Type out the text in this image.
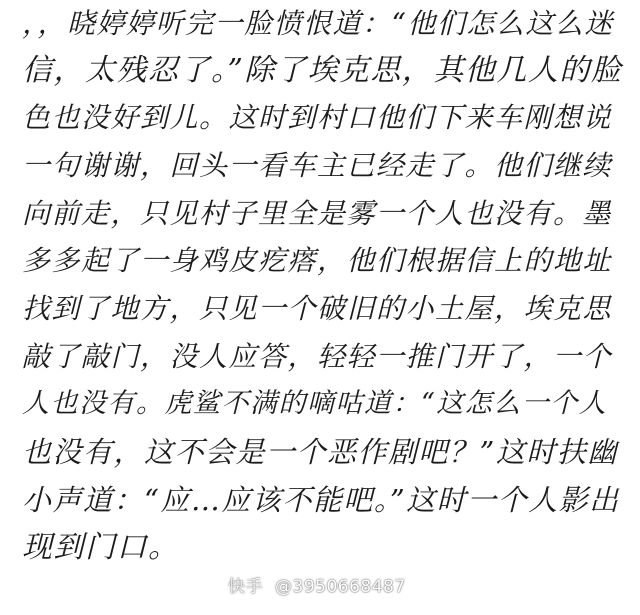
，，晓婷婷听完一脸愤恨道：“他们怎么这么迷
信，太残忍了。”除了埃克思，其他几人的脸
色也没好到儿。这时到村口他们下来车刚想说
一句谢谢，回头一看车主已经走了。他们继续
向前走，只见村子里全是雾一个人也没有。墨
多多起了一身鸡皮疙瘩，他们根据信上的地址
找到了地方，只见一个破旧的小土屋，埃克思
敲了敲门，没人应答，轻轻一推门开了，一个
人也没有。虎鲨不满的嘀咕道：“这怎么一个人
也没有，这不会是一个恶作剧吧？”这时扶幽
小声道：“应…应该不能吧。”这时一个人影出
现到门口。
快手 @3950668487
